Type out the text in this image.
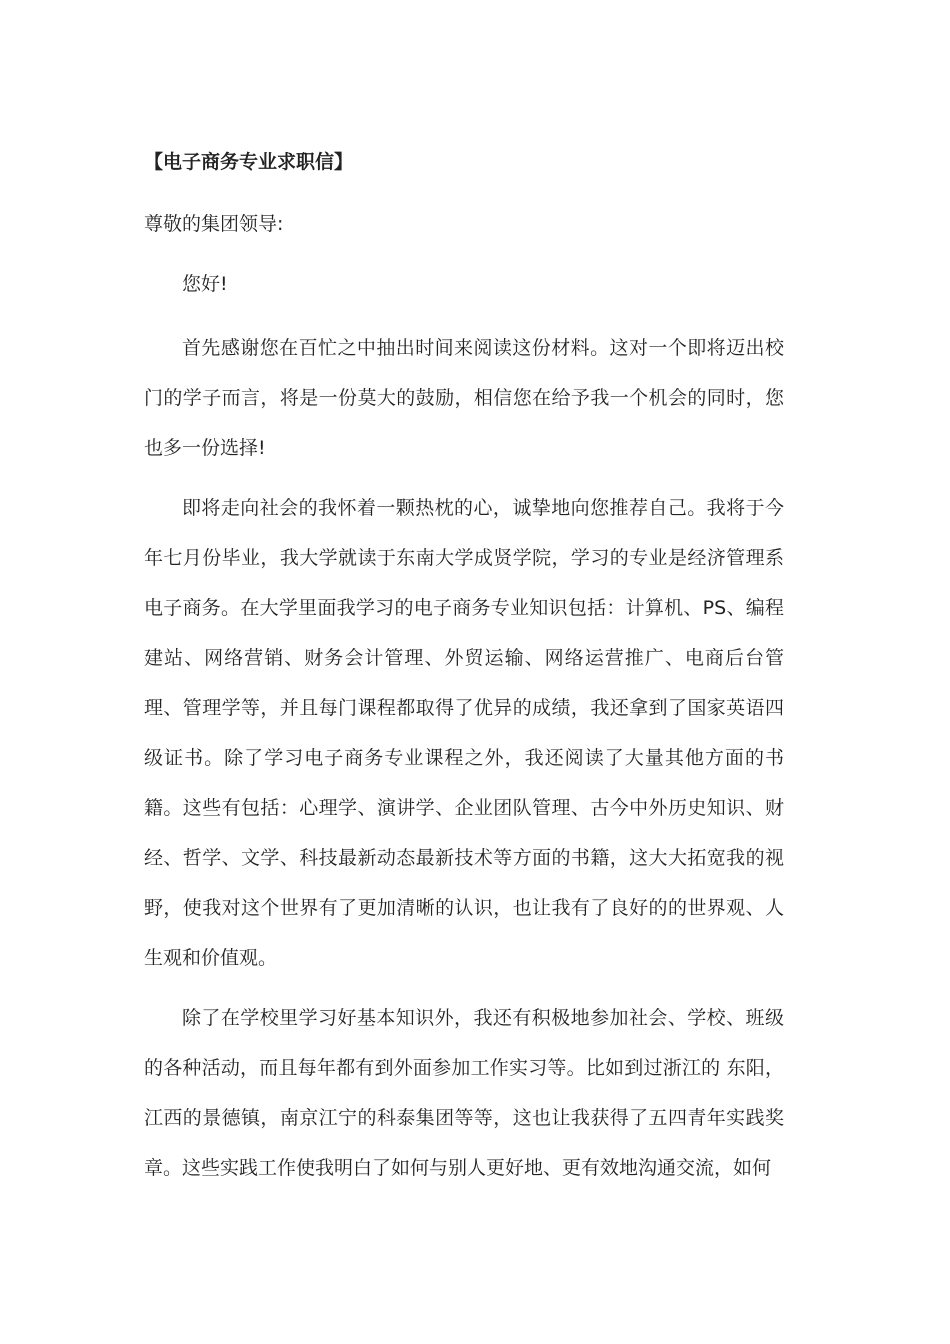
【电子商务专业求职信】
尊敬的集团领导:
您好!

首先感谢您在百忙之中抽出时间来阅读这份材料。这对一个即将迈出校门的学子而言，将是一份莫大的鼓励，相信您在给予我一个机会的同时，您也多一份选择!

即将走向社会的我怀着一颗热枕的心，诚挚地向您推荐自己。我将于今年七月份毕业，我大学就读于东南大学成贤学院，学习的专业是经济管理系电子商务。在大学里面我学习的电子商务专业知识包括：计算机、PS、编程建站、网络营销、财务会计管理、外贸运输、网络运营推广、电商后台管理、管理学等，并且每门课程都取得了优异的成绩，我还拿到了国家英语四级证书。除了学习电子商务专业课程之外，我还阅读了大量其他方面的书籍。这些有包括：心理学、演讲学、企业团队管理、古今中外历史知识、财经、哲学、文学、科技最新动态最新技术等方面的书籍，这大大拓宽我的视野，使我对这个世界有了更加清晰的认识，也让我有了良好的的世界观、人生观和价值观。

除了在学校里学习好基本知识外，我还有积极地参加社会、学校、班级的各种活动，而且每年都有到外面参加工作实习等。比如到过浙江的 东阳，江西的景德镇，南京江宁的科泰集团等等，这也让我获得了五四青年实践奖章。这些实践工作使我明白了如何与别人更好地、更有效地沟通交流，如何
